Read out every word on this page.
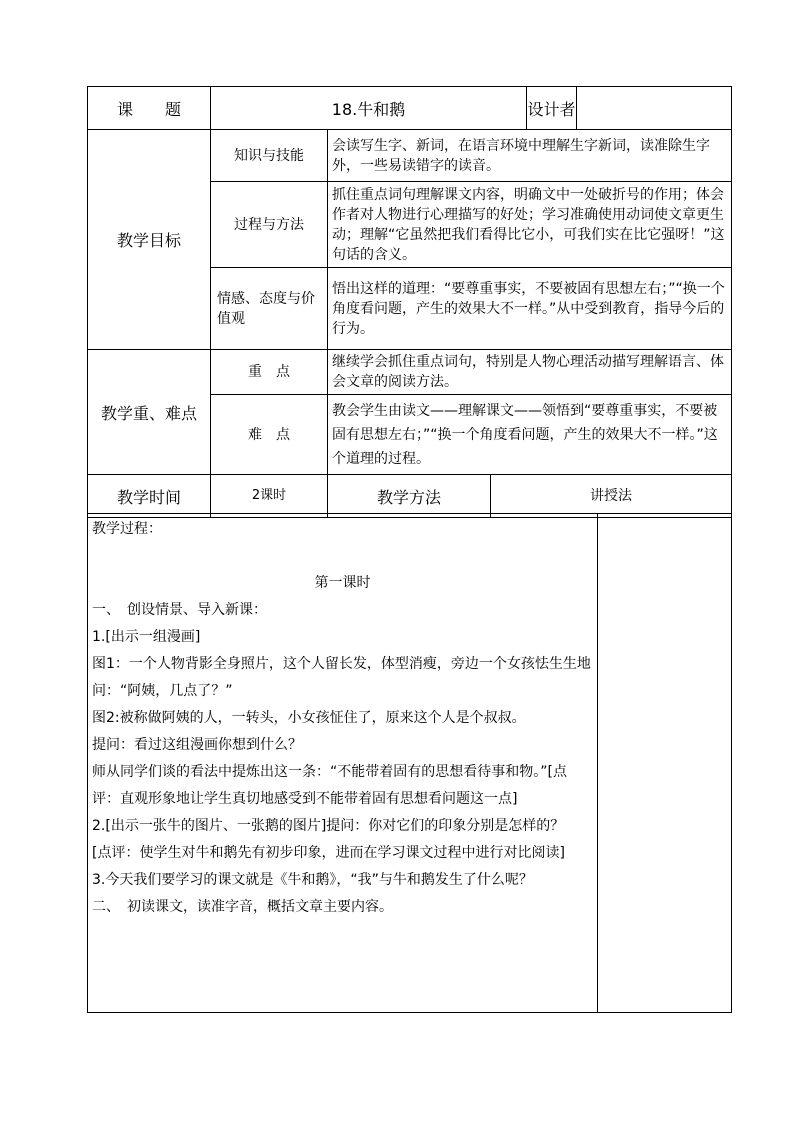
课　　题	18.牛和鹅			设计者	
教学目标	知识与技能	会读写生字、新词，在语言环境中理解生字新词，读准除生字外，一些易读错字的读音。			
	过程与方法	抓住重点词句理解课文内容，明确文中一处破折号的作用；体会作者对人物进行心理描写的好处；学习准确使用动词使文章更生动；理解“它虽然把我们看得比它小，可我们实在比它强呀！”这句话的含义。			
	情感、态度与价值观	悟出这样的道理：“要尊重事实，不要被固有思想左右；”“换一个角度看问题，产生的效果大不一样。”从中受到教育，指导今后的行为。			
教学重、难点	重　点	继续学会抓住重点词句，特别是人物心理活动描写理解语言、体会文章的阅读方法。			
	难　点	教会学生由读文——理解课文——领悟到“要尊重事实，不要被固有思想左右；”“换一个角度看问题，产生的效果大不一样。”这个道理的过程。			
教学时间	2课时	教学方法	讲授法		
教学过程：
第一课时
一、　创设情景、导入新课：
1.[出示一组漫画]
图1：一个人物背影全身照片，这个人留长发，体型消瘦，旁边一个女孩怯生生地问：“阿姨，几点了？”
图2:被称做阿姨的人，一转头，小女孩怔住了，原来这个人是个叔叔。
提问：看过这组漫画你想到什么？
师从同学们谈的看法中提炼出这一条：“不能带着固有的思想看待事和物。”[点评：直观形象地让学生真切地感受到不能带着固有思想看问题这一点]
2.[出示一张牛的图片、一张鹅的图片]提问：你对它们的印象分别是怎样的？
[点评：使学生对牛和鹅先有初步印象，进而在学习课文过程中进行对比阅读]
3.今天我们要学习的课文就是《牛和鹅》，“我”与牛和鹅发生了什么呢？
二、　初读课文，读准字音，概括文章主要内容。
